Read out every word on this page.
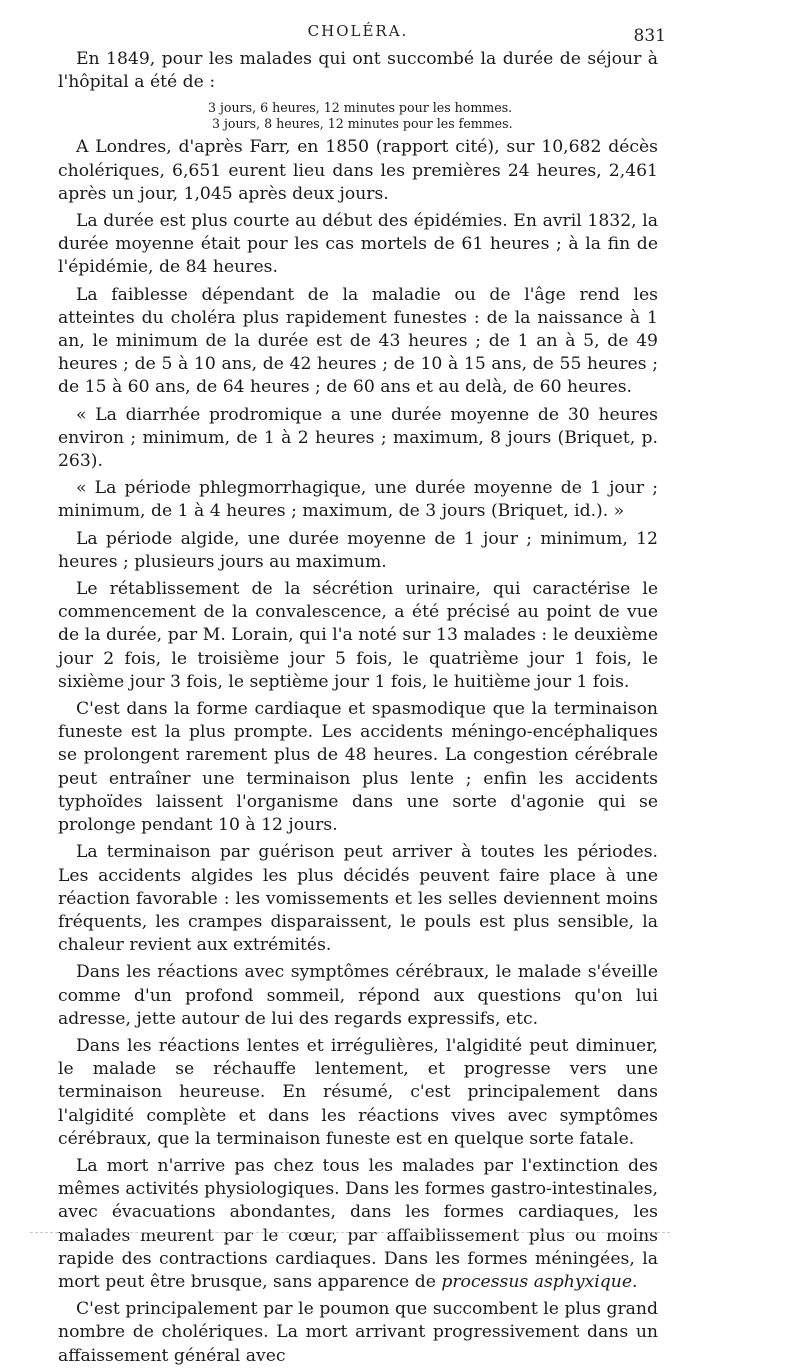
CHOLÉRA.	831

En 1849, pour les malades qui ont succombé la durée de séjour à l'hôpital a été de :

3 jours, 6 heures, 12 minutes pour les hommes.
3 jours, 8 heures, 12 minutes pour les femmes.

A Londres, d'après Farr, en 1850 (rapport cité), sur 10,682 décès cholériques, 6,651 eurent lieu dans les premières 24 heures, 2,461 après un jour, 1,045 après deux jours.

La durée est plus courte au début des épidémies. En avril 1832, la durée moyenne était pour les cas mortels de 61 heures ; à la fin de l'épidémie, de 84 heures.

La faiblesse dépendant de la maladie ou de l'âge rend les atteintes du choléra plus rapidement funestes : de la naissance à 1 an, le minimum de la durée est de 43 heures ; de 1 an à 5, de 49 heures ; de 5 à 10 ans, de 42 heures ; de 10 à 15 ans, de 55 heures ; de 15 à 60 ans, de 64 heures ; de 60 ans et au delà, de 60 heures.

« La diarrhée prodromique a une durée moyenne de 30 heures environ ; minimum, de 1 à 2 heures ; maximum, 8 jours (Briquet, p. 263).

« La période phlegmorrhagique, une durée moyenne de 1 jour ; minimum, de 1 à 4 heures ; maximum, de 3 jours (Briquet, id.). »

La période algide, une durée moyenne de 1 jour ; minimum, 12 heures ; plusieurs jours au maximum.

Le rétablissement de la sécrétion urinaire, qui caractérise le commencement de la convalescence, a été précisé au point de vue de la durée, par M. Lorain, qui l'a noté sur 13 malades : le deuxième jour 2 fois, le troisième jour 5 fois, le quatrième jour 1 fois, le sixième jour 3 fois, le septième jour 1 fois, le huitième jour 1 fois.

C'est dans la forme cardiaque et spasmodique que la terminaison funeste est la plus prompte. Les accidents méningo-encéphaliques se prolongent rarement plus de 48 heures. La congestion cérébrale peut entraîner une terminaison plus lente ; enfin les accidents typhoïdes laissent l'organisme dans une sorte d'agonie qui se prolonge pendant 10 à 12 jours.

La terminaison par guérison peut arriver à toutes les périodes. Les accidents algides les plus décidés peuvent faire place à une réaction favorable : les vomissements et les selles deviennent moins fréquents, les crampes disparaissent, le pouls est plus sensible, la chaleur revient aux extrémités.

Dans les réactions avec symptômes cérébraux, le malade s'éveille comme d'un profond sommeil, répond aux questions qu'on lui adresse, jette autour de lui des regards expressifs, etc.

Dans les réactions lentes et irrégulières, l'algidité peut diminuer, le malade se réchauffe lentement, et progresse vers une terminaison heureuse. En résumé, c'est principalement dans l'algidité complète et dans les réactions vives avec symptômes cérébraux, que la terminaison funeste est en quelque sorte fatale.

La mort n'arrive pas chez tous les malades par l'extinction des mêmes activités physiologiques. Dans les formes gastro-intestinales, avec évacuations abondantes, dans les formes cardiaques, les malades meurent par le cœur, par affaiblissement plus ou moins rapide des contractions cardiaques. Dans les formes méningées, la mort peut être brusque, sans apparence de processus asphyxique.

C'est principalement par le poumon que succombent le plus grand nombre de cholériques. La mort arrivant progressivement dans un affaissement général avec
